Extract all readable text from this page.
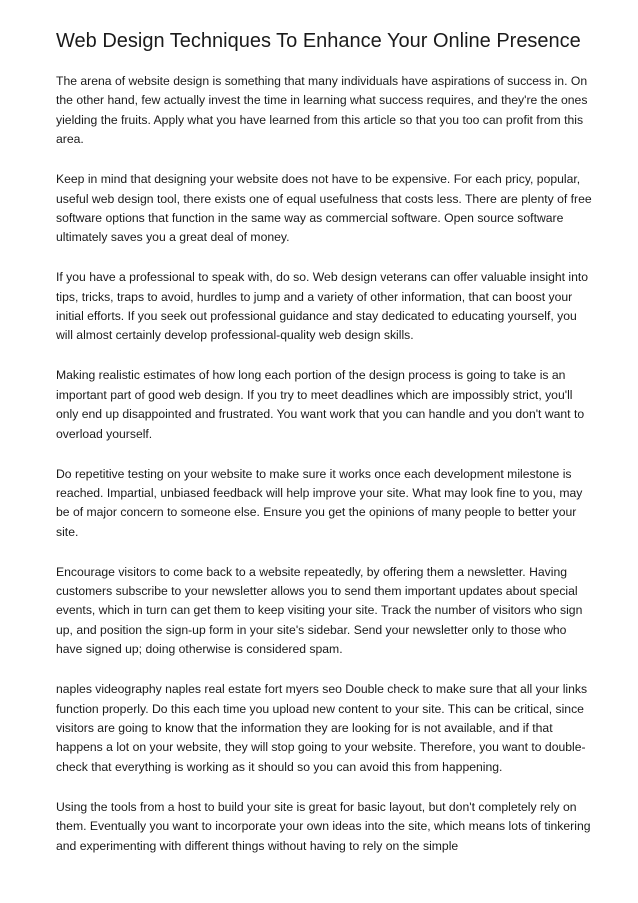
Web Design Techniques To Enhance Your Online Presence

The arena of website design is something that many individuals have aspirations of success in. On the other hand, few actually invest the time in learning what success requires, and they're the ones yielding the fruits. Apply what you have learned from this article so that you too can profit from this area.

Keep in mind that designing your website does not have to be expensive. For each pricy, popular, useful web design tool, there exists one of equal usefulness that costs less. There are plenty of free software options that function in the same way as commercial software. Open source software ultimately saves you a great deal of money.

If you have a professional to speak with, do so. Web design veterans can offer valuable insight into tips, tricks, traps to avoid, hurdles to jump and a variety of other information, that can boost your initial efforts. If you seek out professional guidance and stay dedicated to educating yourself, you will almost certainly develop professional-quality web design skills.

Making realistic estimates of how long each portion of the design process is going to take is an important part of good web design. If you try to meet deadlines which are impossibly strict, you'll only end up disappointed and frustrated. You want work that you can handle and you don't want to overload yourself.

Do repetitive testing on your website to make sure it works once each development milestone is reached. Impartial, unbiased feedback will help improve your site. What may look fine to you, may be of major concern to someone else. Ensure you get the opinions of many people to better your site.

Encourage visitors to come back to a website repeatedly, by offering them a newsletter. Having customers subscribe to your newsletter allows you to send them important updates about special events, which in turn can get them to keep visiting your site. Track the number of visitors who sign up, and position the sign-up form in your site's sidebar. Send your newsletter only to those who have signed up; doing otherwise is considered spam.

naples videography naples real estate fort myers seo Double check to make sure that all your links function properly. Do this each time you upload new content to your site. This can be critical, since visitors are going to know that the information they are looking for is not available, and if that happens a lot on your website, they will stop going to your website. Therefore, you want to double-check that everything is working as it should so you can avoid this from happening.

Using the tools from a host to build your site is great for basic layout, but don't completely rely on them. Eventually you want to incorporate your own ideas into the site, which means lots of tinkering and experimenting with different things without having to rely on the simple
